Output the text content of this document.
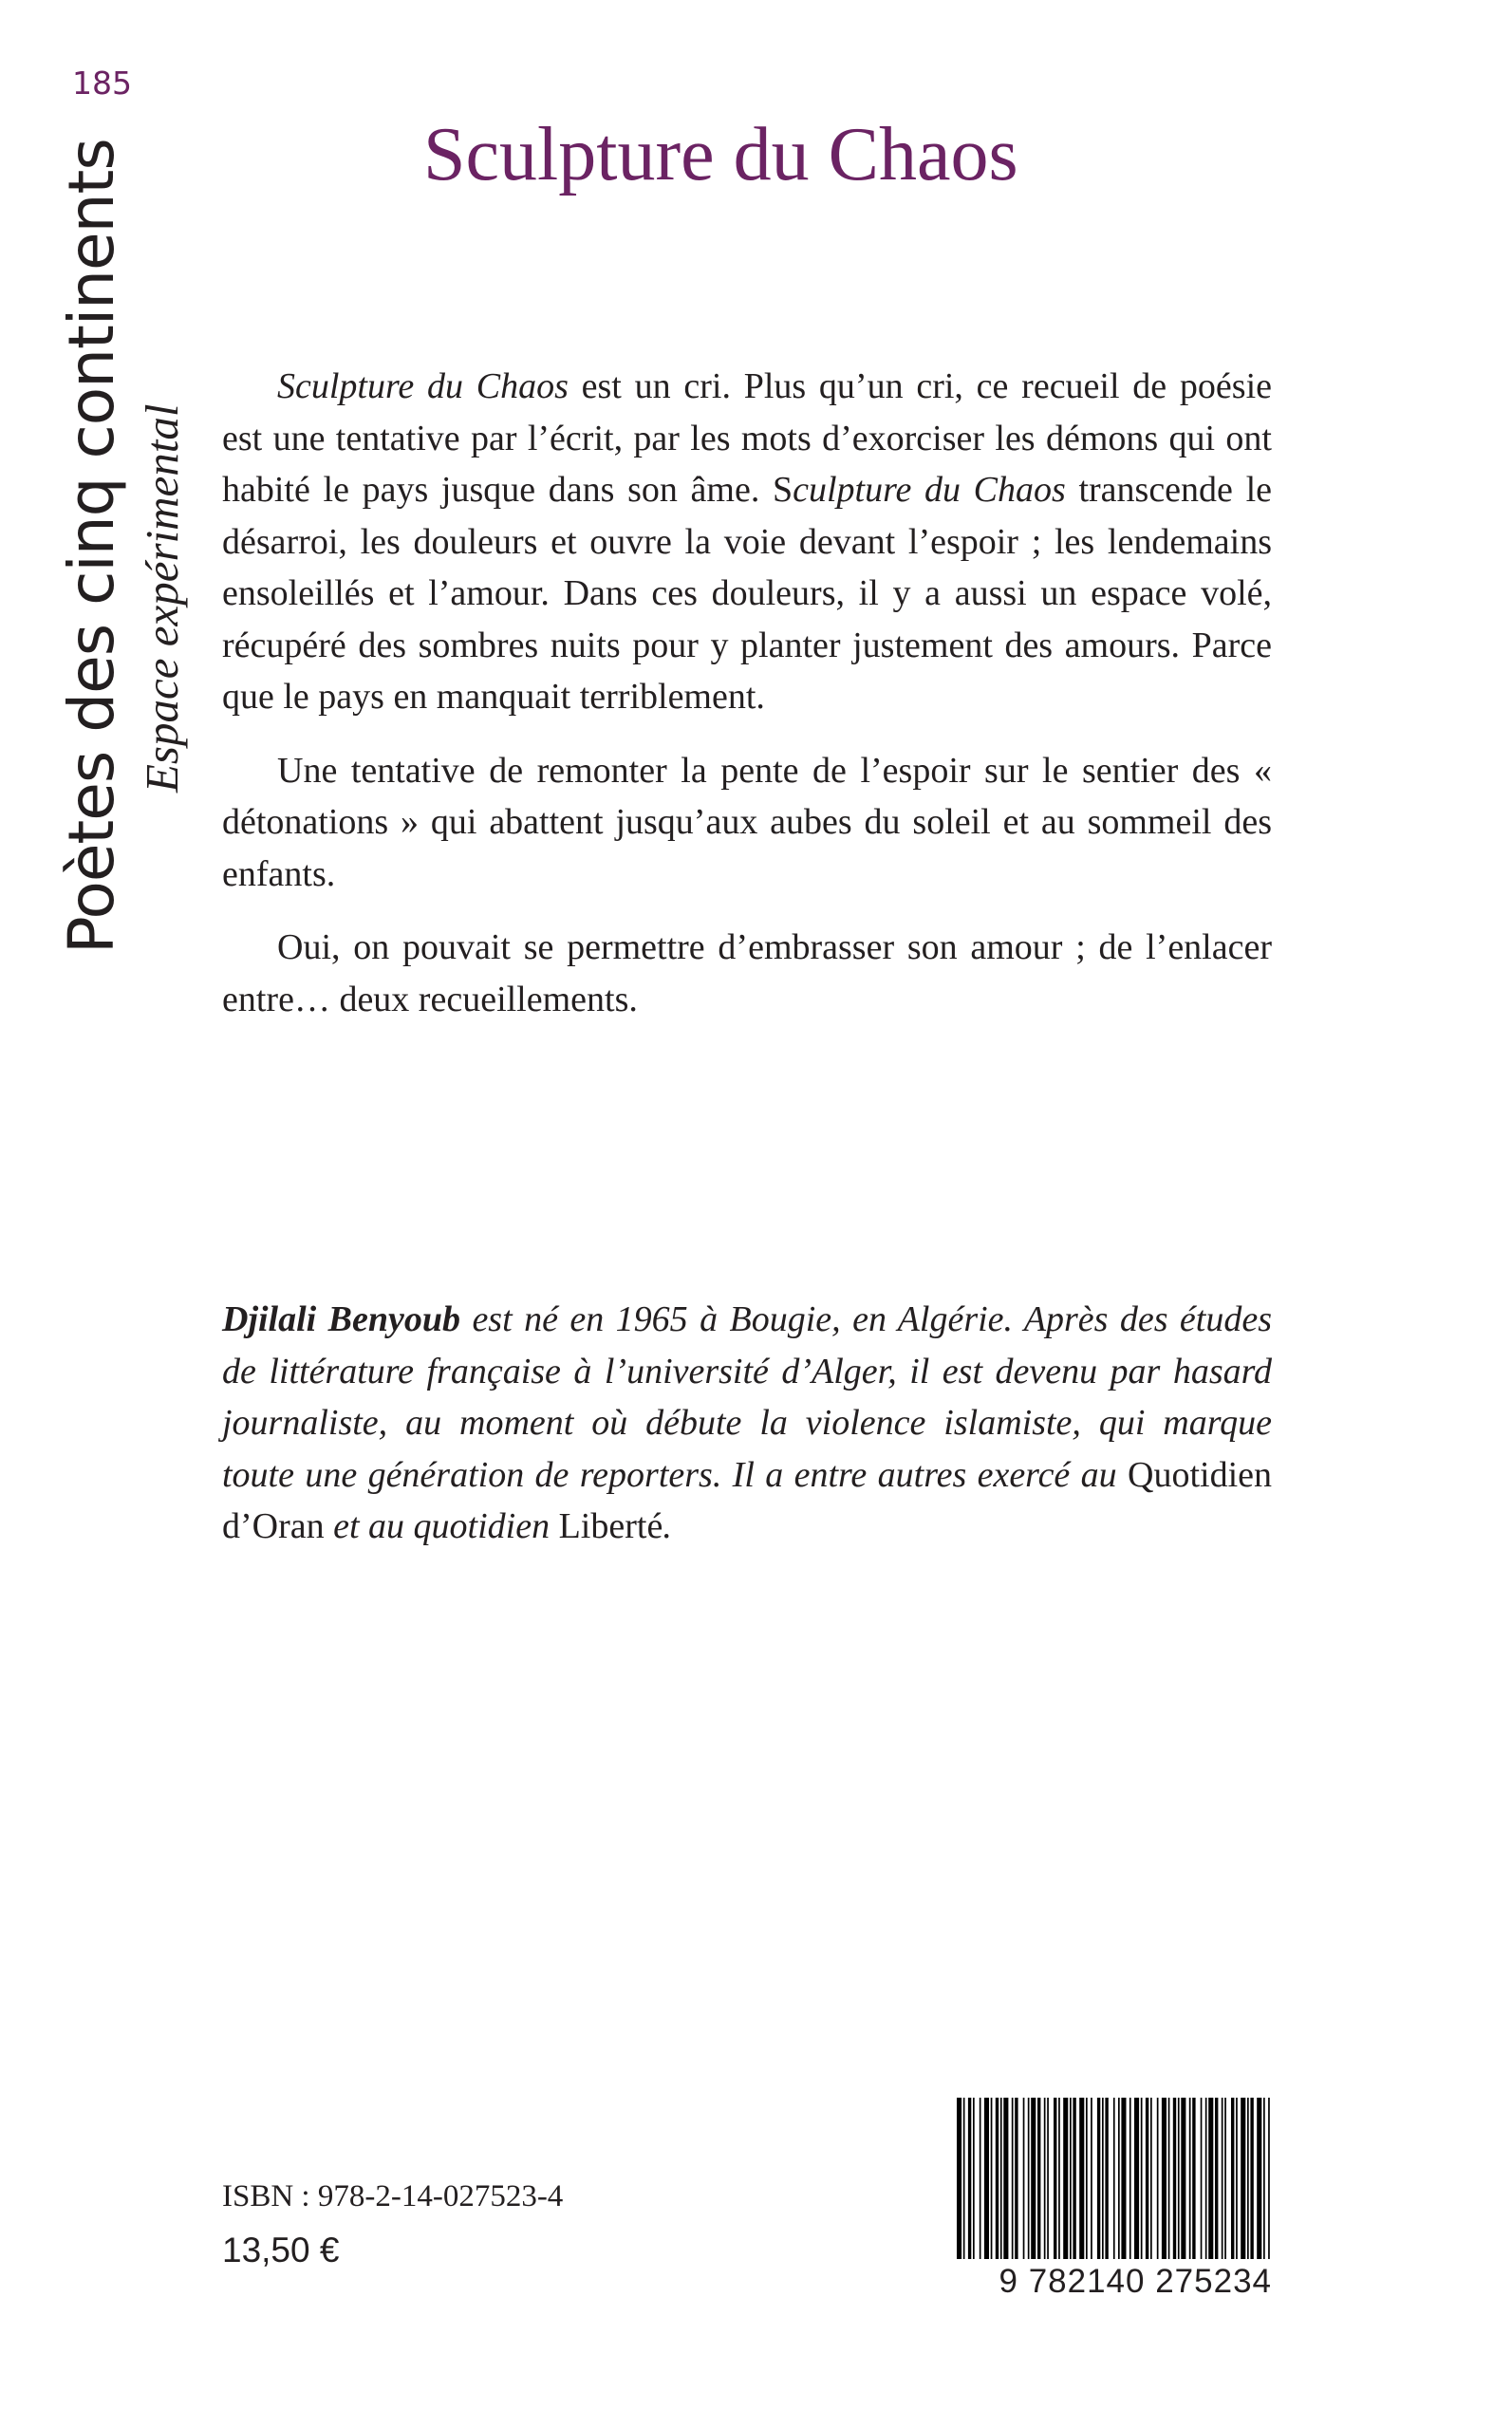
185
Poètes des cinq continents Espace expérimental
Sculpture du Chaos

Sculpture du Chaos est un cri. Plus qu’un cri, ce recueil de poésie est une tentative par l’écrit, par les mots d’exorciser les démons qui ont habité le pays jusque dans son âme. Sculpture du Chaos transcende le désarroi, les douleurs et ouvre la voie devant l’espoir ; les lendemains ensoleillés et l’amour. Dans ces douleurs, il y a aussi un espace volé, récupéré des sombres nuits pour y planter justement des amours. Parce que le pays en manquait terriblement.

Une tentative de remonter la pente de l’espoir sur le sentier des « détonations » qui abattent jusqu’aux aubes du soleil et au sommeil des enfants.

Oui, on pouvait se permettre d’embrasser son amour ; de l’enlacer entre… deux recueillements.

Djilali Benyoub est né en 1965 à Bougie, en Algérie. Après des études de littérature française à l’université d’Alger, il est devenu par hasard journaliste, au moment où débute la violence islamiste, qui marque toute une génération de reporters. Il a entre autres exercé au Quotidien d’Oran et au quotidien Liberté.

ISBN : 978-2-14-027523-4
13,50 €
9 782140 275234
